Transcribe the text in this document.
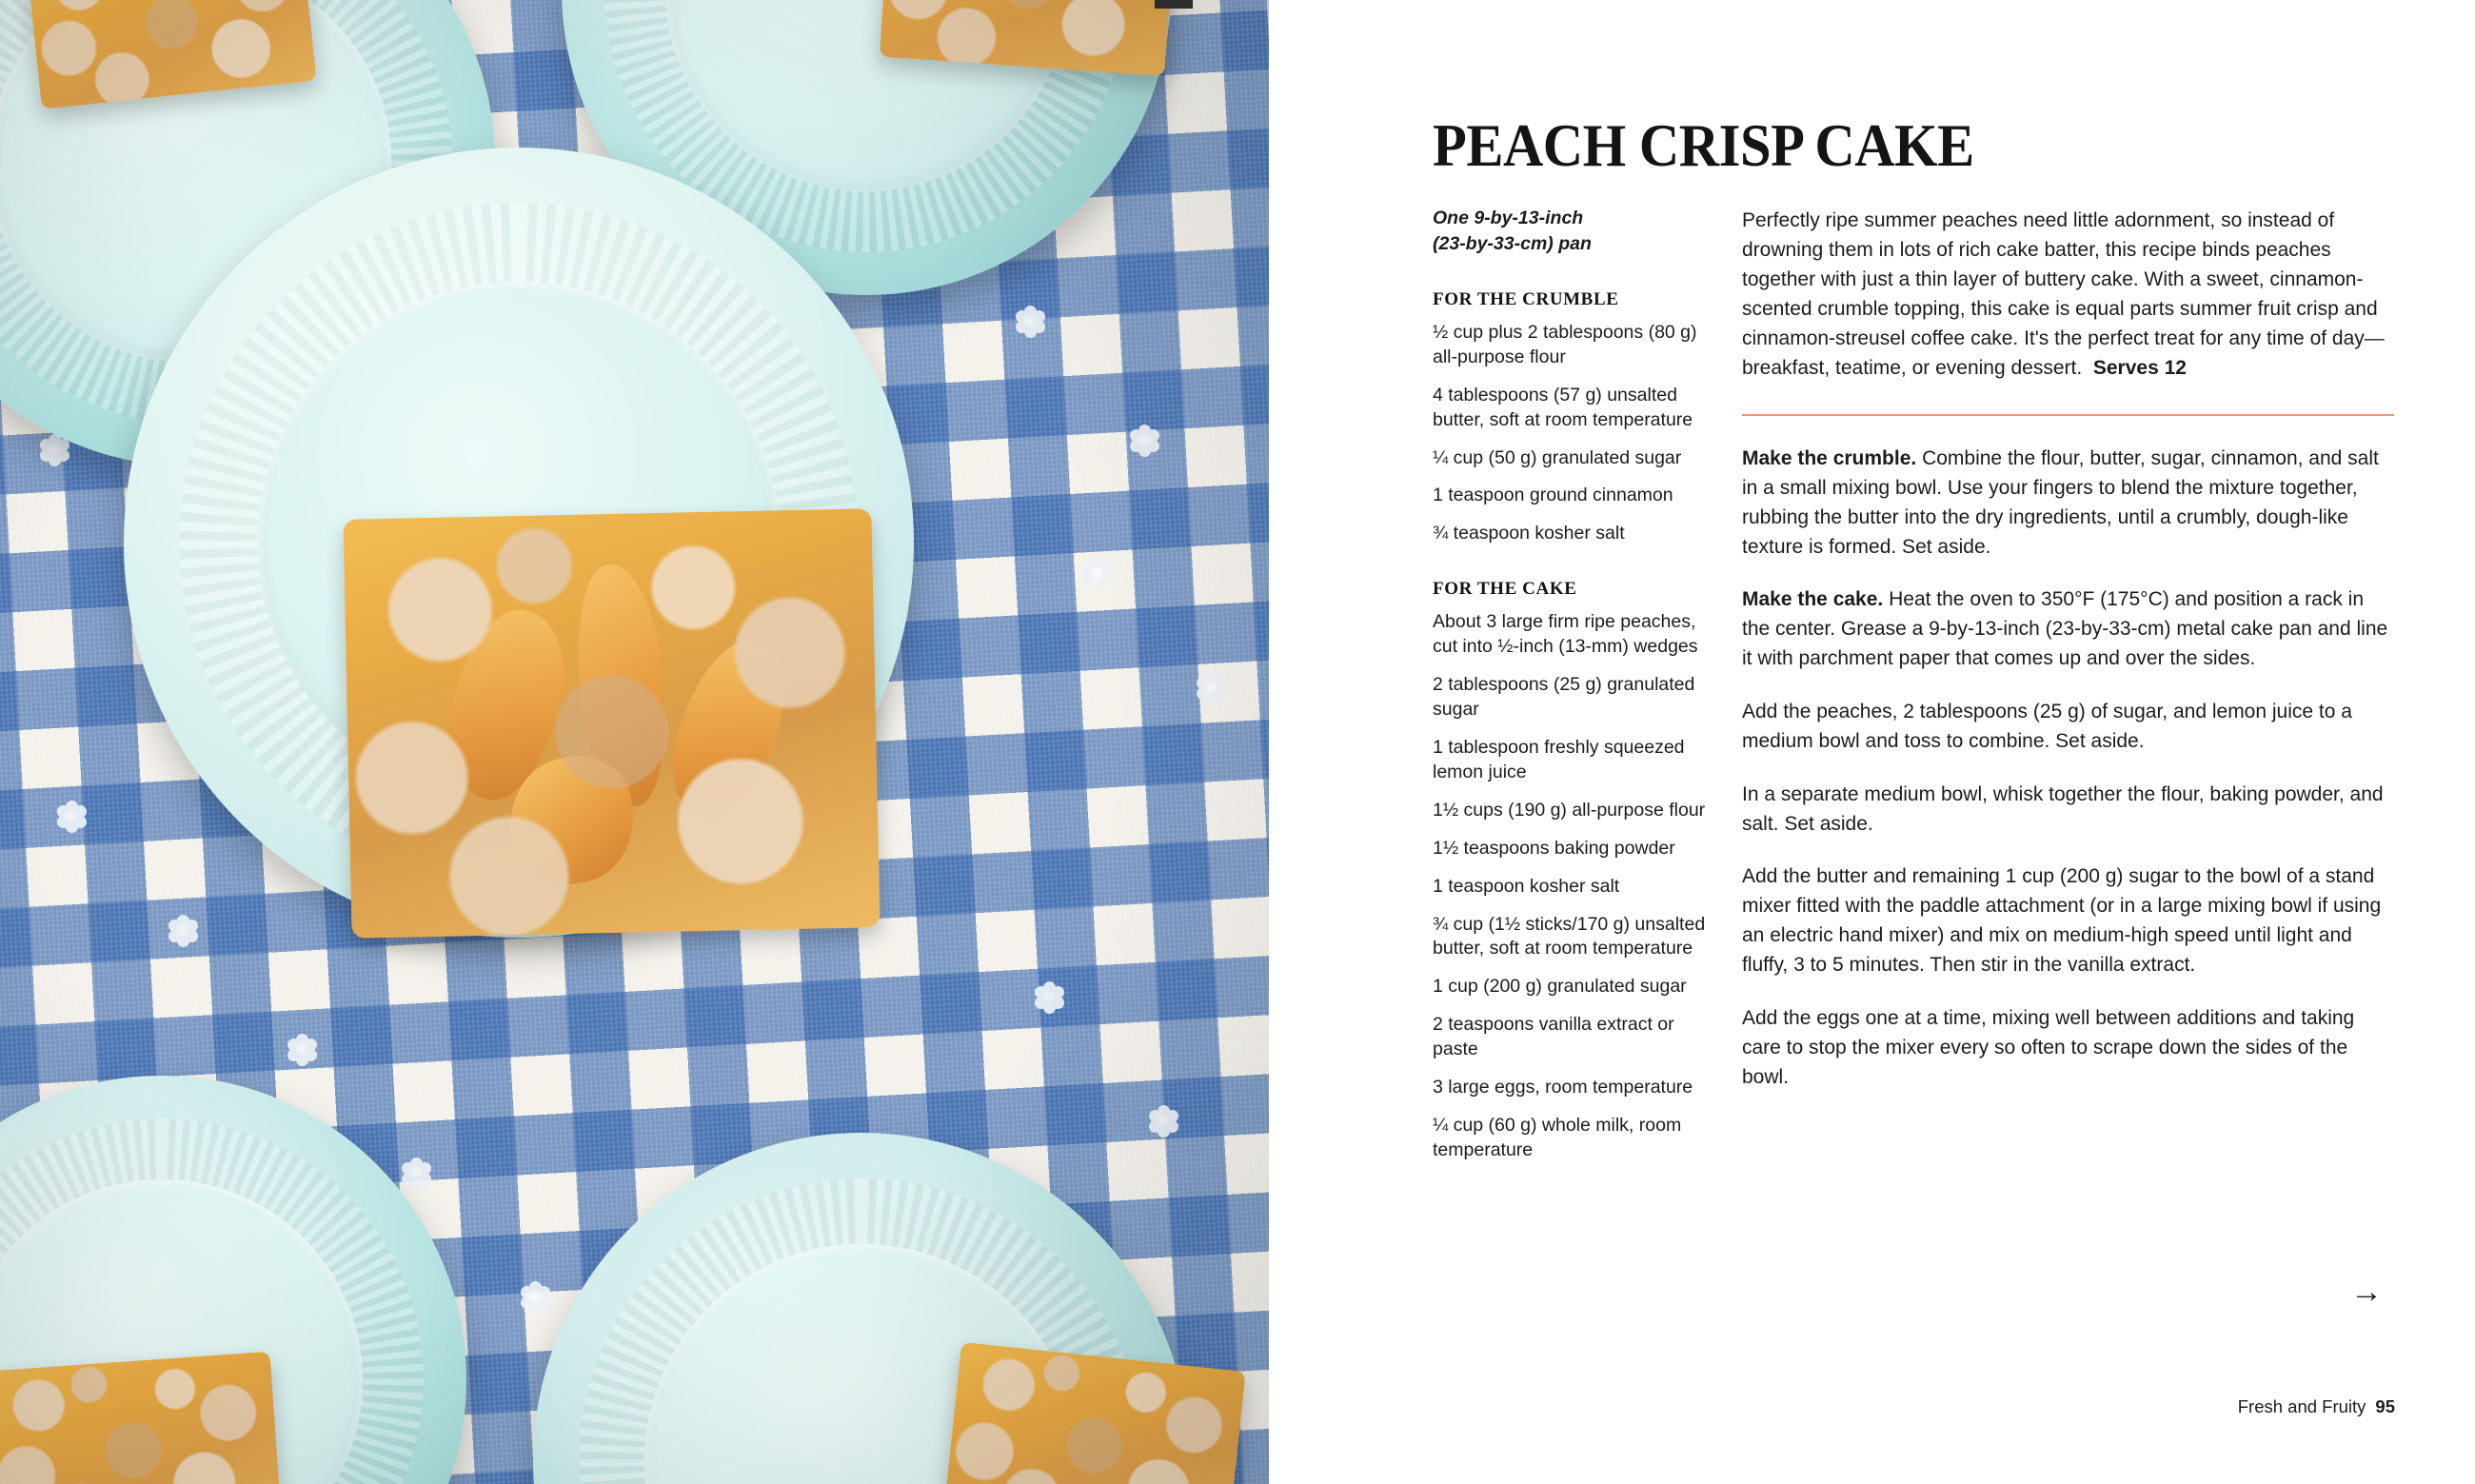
PEACH CRISP CAKE
One 9-by-13-inch
(23-by-33-cm) pan
FOR THE CRUMBLE
½ cup plus 2 tablespoons (80 g) all-purpose flour
4 tablespoons (57 g) unsalted butter, soft at room temperature
¼ cup (50 g) granulated sugar
1 teaspoon ground cinnamon
¾ teaspoon kosher salt
FOR THE CAKE
About 3 large firm ripe peaches, cut into ½-inch (13-mm) wedges
2 tablespoons (25 g) granulated sugar
1 tablespoon freshly squeezed lemon juice
1½ cups (190 g) all-purpose flour
1½ teaspoons baking powder
1 teaspoon kosher salt
¾ cup (1½ sticks/170 g) unsalted butter, soft at room temperature
1 cup (200 g) granulated sugar
2 teaspoons vanilla extract or paste
3 large eggs, room temperature
¼ cup (60 g) whole milk, room temperature

Perfectly ripe summer peaches need little adornment, so instead of drowning them in lots of rich cake batter, this recipe binds peaches together with just a thin layer of buttery cake. With a sweet, cinnamon-scented crumble topping, this cake is equal parts summer fruit crisp and cinnamon-streusel coffee cake. It's the perfect treat for any time of day—breakfast, teatime, or evening dessert. Serves 12

Make the crumble. Combine the flour, butter, sugar, cinnamon, and salt in a small mixing bowl. Use your fingers to blend the mixture together, rubbing the butter into the dry ingredients, until a crumbly, dough-like texture is formed. Set aside.

Make the cake. Heat the oven to 350°F (175°C) and position a rack in the center. Grease a 9-by-13-inch (23-by-33-cm) metal cake pan and line it with parchment paper that comes up and over the sides.

Add the peaches, 2 tablespoons (25 g) of sugar, and lemon juice to a medium bowl and toss to combine. Set aside.

In a separate medium bowl, whisk together the flour, baking powder, and salt. Set aside.

Add the butter and remaining 1 cup (200 g) sugar to the bowl of a stand mixer fitted with the paddle attachment (or in a large mixing bowl if using an electric hand mixer) and mix on medium-high speed until light and fluffy, 3 to 5 minutes. Then stir in the vanilla extract.

Add the eggs one at a time, mixing well between additions and taking care to stop the mixer every so often to scrape down the sides of the bowl.

→
Fresh and Fruity 95
